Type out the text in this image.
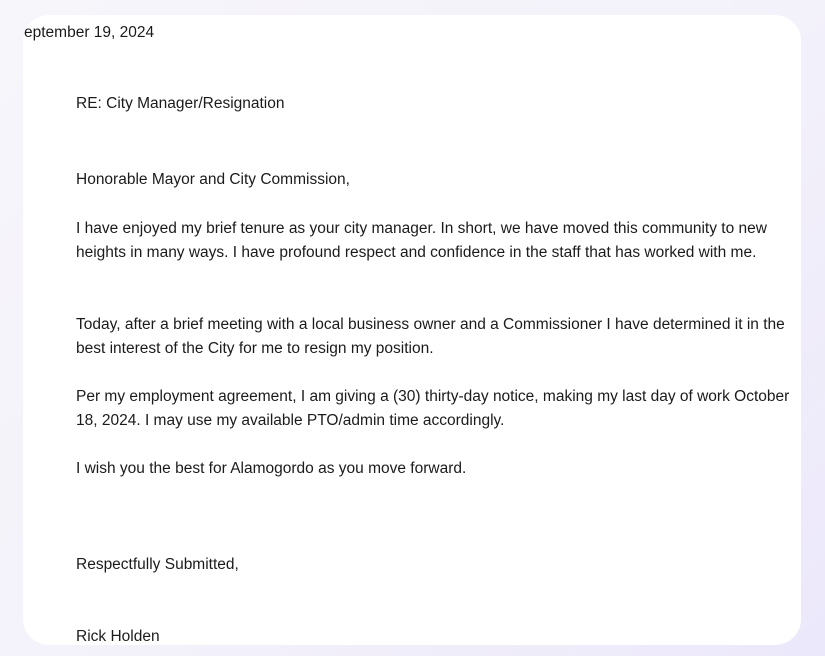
eptember 19, 2024

RE: City Manager/Resignation

Honorable Mayor and City Commission,

I have enjoyed my brief tenure as your city manager. In short, we have moved this community to new heights in many ways. I have profound respect and confidence in the staff that has worked with me.

Today, after a brief meeting with a local business owner and a Commissioner I have determined it in the best interest of the City for me to resign my position.

Per my employment agreement, I am giving a (30) thirty-day notice, making my last day of work October 18, 2024. I may use my available PTO/admin time accordingly.

I wish you the best for Alamogordo as you move forward.

Respectfully Submitted,

Rick Holden
